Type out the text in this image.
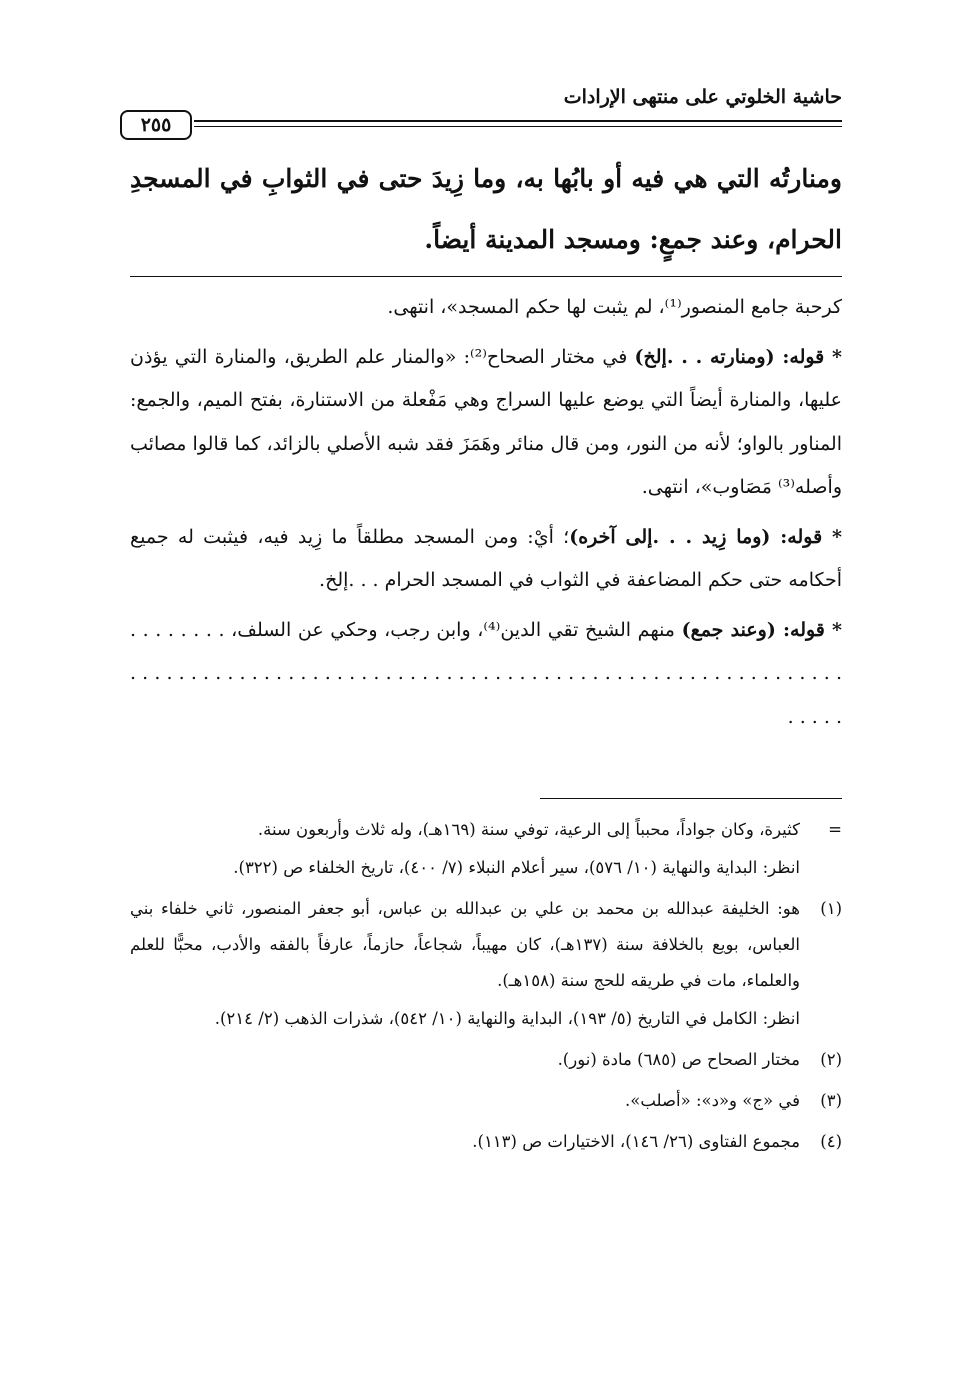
حاشية الخلوتي على منتهى الإرادات
٢٥٥
ومنارتُه التي هي فيه أو بابُها به، وما زِيدَ حتى في الثوابِ في المسجدِ الحرام، وعند جمعٍ: ومسجد المدينة أيضاً.

كرحبة جامع المنصور⁽¹⁾، لم يثبت لها حكم المسجد»، انتهى.

* قوله: (ومنارته . . .إلخ) في مختار الصحاح⁽²⁾: «والمنار علم الطريق، والمنارة التي يؤذن عليها، والمنارة أيضاً التي يوضع عليها السراج وهي مَفْعلة من الاستنارة، بفتح الميم، والجمع: المناور بالواو؛ لأنه من النور، ومن قال منائر وهَمَزَ فقد شبه الأصلي بالزائد، كما قالوا مصائب وأصله⁽³⁾ مَصَاوب»، انتهى.

* قوله: (وما زِيد . . .إلى آخره)؛ أيْ: ومن المسجد مطلقاً ما زِيد فيه، فيثبت له جميع أحكامه حتى حكم المضاعفة في الثواب في المسجد الحرام . . .إلخ.

* قوله: (وعند جمع) منهم الشيخ تقي الدين⁽⁴⁾، وابن رجب، وحكي عن السلف، . . . . . . . . . . . . . . . . . . . . . . . . . . . . . . . . . . . . . . . . . . . . . . . . . . . . . . . . . . . . . . . . . . . . . . . .

=

كثيرة، وكان جواداً، محبباً إلى الرعية، توفي سنة (١٦٩هـ)، وله ثلاث وأربعون سنة.

انظر: البداية والنهاية (١٠/ ٥٧٦)، سير أعلام النبلاء (٧/ ٤٠٠)، تاريخ الخلفاء ص (٣٢٢).

(١)

هو: الخليفة عبدالله بن محمد بن علي بن عبدالله بن عباس، أبو جعفر المنصور، ثاني خلفاء بني العباس، بويع بالخلافة سنة (١٣٧هـ)، كان مهيباً، شجاعاً، حازماً، عارفاً بالفقه والأدب، محبًّا للعلم والعلماء، مات في طريقه للحج سنة (١٥٨هـ).

انظر: الكامل في التاريخ (٥/ ١٩٣)، البداية والنهاية (١٠/ ٥٤٢)، شذرات الذهب (٢/ ٢١٤).

(٢)

مختار الصحاح ص (٦٨٥) مادة (نور).

(٣)

في «ج» و«د»: «أصلب».

(٤)

مجموع الفتاوى (٢٦/ ١٤٦)، الاختيارات ص (١١٣).
